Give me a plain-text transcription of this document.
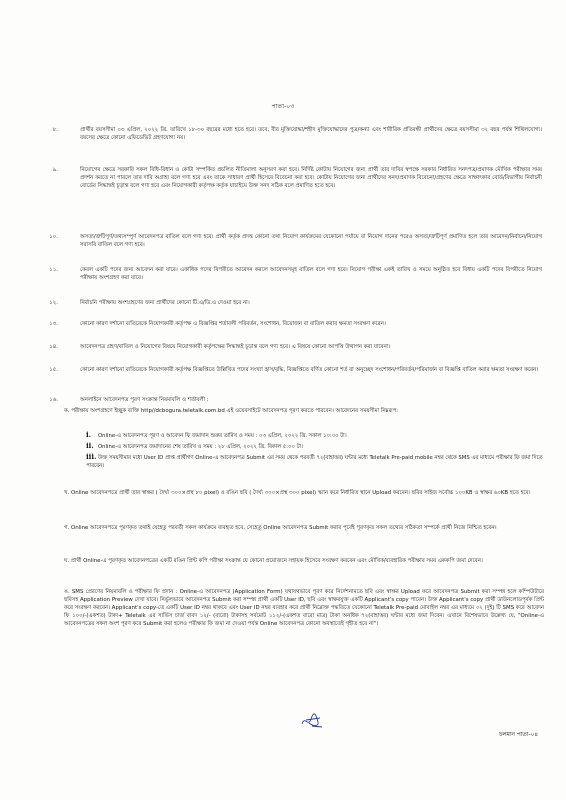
পাতা-০৩
৮.	প্রার্থীর বয়সসীমা ০৩ এপ্রিল, ২০২২ খ্রি. তারিখে ১৮-৩০ বছরের মধ্যে হতে হবে। তবে, বীর মুক্তিযোদ্ধা/শহীদ মুক্তিযোদ্ধাদের পুত্র/কন্যা এবং শারীরিক প্রতিবন্ধী প্রার্থীদের ক্ষেত্রে বয়সসীমা ৩২ বছর পর্যন্ত শিথিলযোগ্য। বয়সের ক্ষেত্রে কোনো এফিডেভিট গ্রহণযোগ্য নয়।
৯.	নিয়োগের ক্ষেত্রে সরকারি সকল বিধি-বিধান ও কোটা সম্পর্কিত প্রচলিত নীতিমালা অনুসরণ করা হবে। নির্দিষ্ট কোটায় নিয়োগের জন্য প্রার্থী তার দাবির স্বপক্ষে সরকার নির্ধারিত সনদপত্র/প্রমাণক মৌখিক পরীক্ষার সময় প্রদর্শন করতে না পারলে তার দাবি অগ্রাহ্য বলে গণ্য হবে এবং তাকে সাধারণ প্রার্থী হিসেবে বিবেচনা করা হবে। কোটায় নিয়োগের জন্য প্রার্থীদের সনদ/প্রমাণক বিবেচনা/গ্রহণের ক্ষেত্রে সাক্ষাৎকার বোর্ড/বিভাগীয় নির্বাচনী বোর্ডের সিদ্ধান্তই চূড়ান্ত বলে গণ্য হবে এবং নিয়োগকারী কর্তৃপক্ষ কর্তৃক যাচাইয়ে উক্ত সনদ সঠিক বলে প্রমাণিত হতে হবে।
১০.	অসত্য/ত্রুটিপূর্ণ/তথ্যসম্পূর্ণ আবেদনপত্র বাতিল বলে গণ্য হবে। প্রার্থী কর্তৃক প্রদত্ত কোনো তথ্য নিয়োগ কার্যক্রমের যেকোনো পর্যায়ে বা নিয়োগ দানের পরেও অসত্য/ত্রুটিপূর্ণ প্রমাণিত হলে তার আবেদন/নির্বাচন/নিয়োগ সরাসরি বাতিল বলে গণ্য হবে।
১১.	কেবল একটি পদের জন্য আবেদন করা যাবে। একাধিক পদের বিপরীতে আবেদন করলে আবেদনসমূহ বাতিল বলে গণ্য হবে। নিয়োগ পরীক্ষা একই তারিখ ও সময়ে অনুষ্ঠিত হবে বিধায় একটি পদের বিপরীতে নিয়োগ পরীক্ষায় অংশগ্রহণ করা যাবে।
১২.	নির্বাচনি পরীক্ষায় অংশগ্রহণের জন্য প্রার্থীদের কোনো টি.এ/ডি.এ দেওয়া হবে না।
১৩.	কোনো কারণ দর্শানো ব্যতিরেকে নিয়োগকারী কর্তৃপক্ষ এ বিজ্ঞপ্তির শর্তাবলী পরিবর্তন, সংশোধন, বিয়োজন বা বাতিল করার ক্ষমতা সংরক্ষণ করেন।
১৪.	আবেদনপত্র গ্রহণ/বাতিল ও নিয়োগের বিষয়ে নিয়োগকারী কর্তৃপক্ষের সিদ্ধান্তই চূড়ান্ত বলে গণ্য হবে। এ বিষয়ে কোনো আপত্তি উত্থাপন করা যাবেনা।
১৫.	কোনো কারণ দর্শানো ব্যতিরেকে নিয়োগকারী কর্তৃপক্ষ বিজ্ঞপ্তিতে উল্লিখিত পদের সংখ্যা হ্রাস/বৃদ্ধি, বিজ্ঞপ্তিতে বর্ণিত কোনো শর্ত বা অনুচ্ছেদ সংশোধন/পরিবর্তন/পরিমার্জন বা বিজ্ঞপ্তি বাতিল করার ক্ষমতা সংরক্ষণ করেন।
১৬.	অনলাইনে আবেদনপত্র পূরণ সংক্রান্ত নিয়মাবলি ও শর্তাবলী :
ক. পরীক্ষায় অংশগ্রহণে ইচ্ছুক ব্যক্তি http//dcbogura.teletalk.com.bd এই ওয়েবসাইটে আবেদনপত্র পূরণ করতে পারবেন। আবেদনের সময়সীমা নিম্নরূপ:
i. Online-এ আবেদনপত্র পূরণ ও আবেদন ফি জমাদান শুরুর তারিখ ও সময় : ০৩ এপ্রিল, ২০২২ খ্রি. সকাল ১০:০০ টা।
ii. Online-এ আবেদনপত্র জমাদানের শেষ তারিখ ও সময় : ২৮ এপ্রিল, ২০২২ খ্রি. বিকাল ৫:০০ টা।
iii. উক্ত সময়সীমার মধ্যে User ID প্রাপ্ত প্রার্থীগণ Online-এ আবেদনপত্র Submit এর সময় থেকে পরবর্তী ৭২(বাহাত্তর) ঘন্টার মধ্যে Teletalk Pre-paid mobile নম্বর থেকে SMS এর মাধ্যমে পরীক্ষার ফি জমা দিতে পারবেন।
খ. Online আবেদনপত্রে প্রার্থী তার স্বাক্ষর ( দৈর্ঘ্য ৩০০×প্রস্থ ৮০ pixel) ও রঙিন ছবি ( দৈর্ঘ্য ৩০০×প্রস্থ ৩০০ pixel) স্ক্যান করে নির্ধারিত স্থানে Upload করবেন। ছবির সাইজ সর্বোচ্চ ১০০KB ও স্বাক্ষর ৬০KB হতে হবে।
গ. Online আবেদনপত্রে পূরণকৃত তথ্যই যেহেতু পরবর্তী সকল কার্যক্রমে ব্যবহৃত হবে, সেহেতু Online আবেদনপত্র Submit করার পূর্বেই পূরণকৃত সকল তথ্যের সঠিকতা সম্পর্কে প্রার্থী নিজে নিশ্চিত হবেন।
ঘ. প্রার্থী Online-এ পূরণকৃত আবেদনপত্রের একটি রঙিন প্রিন্ট কপি পরীক্ষা সংক্রান্ত যে কোনো প্রয়োজনে সহায়ক হিসেবে সংরক্ষণ করবেন এবং মৌখিক/ব্যবহারিক পরীক্ষার সময় এককপি জমা দেবেন।
ঙ. SMS প্রেরণের নিয়মাবলি ও পরীক্ষার ফি প্রদান : Online-এ আবেদনপত্র (Application Form) যথাযথভাবে পূরণ করে নির্দেশনামতে ছবি এবং স্বাক্ষর Upload করে আবেদনপত্র Submit করা সম্পন্ন হলে কম্পিউটারে ছবিসহ Application Preview দেখা যাবে। নির্ভুলভাবে আবেদনপত্র Submit করা সম্পন্ন প্রার্থী একটি User ID, ছবি এবং স্বাক্ষরযুক্ত একটি Applicant's copy পাবেন। উক্ত Applicant's copy প্রার্থী ডাউনলোডপূর্বক প্রিন্ট করে সংরক্ষণ করবেন। Applicant's copy-তে একটি User ID নম্বর থাকবে এবং User ID নম্বর ব্যবহার করে প্রার্থী নিম্নোক্ত পদ্ধতিতে যেকোনো Teletalk Pre-paid মোবাইল নম্বর এর মাধ্যমে ০২ (দুই) টি SMS করে আবেদন ফি ১০০/-(একশত) টাকা+ Teletalk এর সার্ভিস চার্জ বাবদ ১২/- (বারো) টাকাসহ সর্বমোট ১১২/-(একশত বারো মাত্র) টাকা অনধিক ৭২(বাহাত্তর) ঘন্টার মধ্যে জমা দিবেন। এখানে বিশেষভাবে উল্লেখ্য যে, "Online-এ আবেদনপত্রের সকল অংশ পূরণ করে Submit করা হলেও পরীক্ষার ফি জমা না দেওয়া পর্যন্ত Online আবেদনপত্র কোনো অবস্থাতেই গৃহীত হবে না"।
চলমান পাতা-০৪
